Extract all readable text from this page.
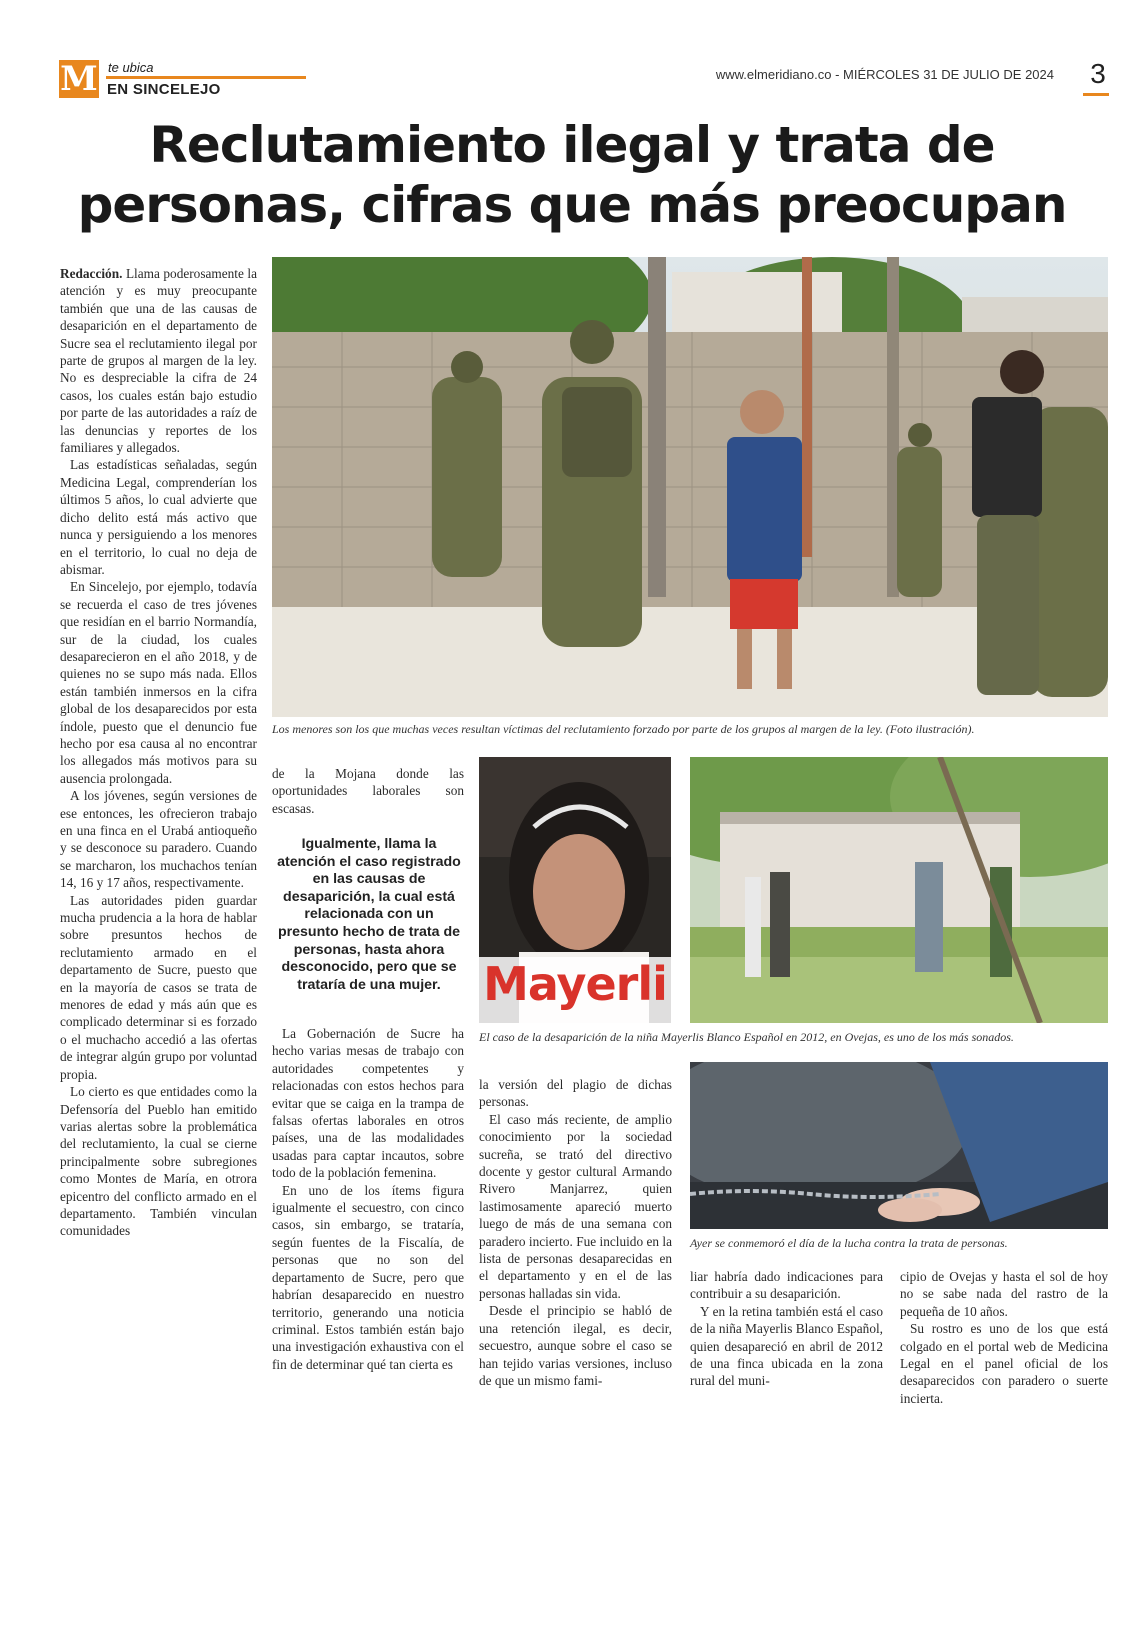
M te ubica
EN SINCELEJO
www.elmeridiano.co - MIÉRCOLES 31 DE JULIO DE 2024 3
Reclutamiento ilegal y trata de
personas, cifras que más preocupan
Los menores son los que muchas veces resultan víctimas del reclutamiento forzado por parte de los grupos al margen de la ley. (Foto ilustración).
Mayerli
El caso de la desaparición de la niña Mayerlis Blanco Español en 2012, en Ovejas, es uno de los más sonados.
Ayer se conmemoró el día de la lucha contra la trata de personas.

Redacción. Llama poderosamente la atención y es muy preocupante también que una de las causas de desaparición en el departamento de Sucre sea el reclutamiento ilegal por parte de grupos al margen de la ley. No es despreciable la cifra de 24 casos, los cuales están bajo estudio por parte de las autoridades a raíz de las denuncias y reportes de los familiares y allegados.

Las estadísticas señaladas, según Medicina Legal, comprenderían los últimos 5 años, lo cual advierte que dicho delito está más activo que nunca y persiguiendo a los menores en el territorio, lo cual no deja de abismar.

En Sincelejo, por ejemplo, todavía se recuerda el caso de tres jóvenes que residían en el barrio Normandía, sur de la ciudad, los cuales desaparecieron en el año 2018, y de quienes no se supo más nada. Ellos están también inmersos en la cifra global de los desaparecidos por esta índole, puesto que el denuncio fue hecho por esa causa al no encontrar los allegados más motivos para su ausencia prolongada.

A los jóvenes, según versiones de ese entonces, les ofrecieron trabajo en una finca en el Urabá antioqueño y se desconoce su paradero. Cuando se marcharon, los muchachos tenían 14, 16 y 17 años, respectivamente.

Las autoridades piden guardar mucha prudencia a la hora de hablar sobre presuntos hechos de reclutamiento armado en el departamento de Sucre, puesto que en la mayoría de casos se trata de menores de edad y más aún que es complicado determinar si es forzado o el muchacho accedió a las ofertas de integrar algún grupo por voluntad propia.

Lo cierto es que entidades como la Defensoría del Pueblo han emitido varias alertas sobre la problemática del reclutamiento, la cual se cierne principalmente sobre subregiones como Montes de María, en otrora epicentro del conflicto armado en el departamento. También vinculan comunidades

de la Mojana donde las oportunidades laborales son escasas.

Igualmente, llama la atención el caso registrado en las causas de desaparición, la cual está relacionada con un presunto hecho de trata de personas, hasta ahora desconocido, pero que se trataría de una mujer.

La Gobernación de Sucre ha hecho varias mesas de trabajo con autoridades competentes y relacionadas con estos hechos para evitar que se caiga en la trampa de falsas ofertas laborales en otros países, una de las modalidades usadas para captar incautos, sobre todo de la población femenina.

En uno de los ítems figura igualmente el secuestro, con cinco casos, sin embargo, se trataría, según fuentes de la Fiscalía, de personas que no son del departamento de Sucre, pero que habrían desaparecido en nuestro territorio, generando una noticia criminal. Estos también están bajo una investigación exhaustiva con el fin de determinar qué tan cierta es

la versión del plagio de dichas personas.

El caso más reciente, de amplio conocimiento por la sociedad sucreña, se trató del directivo docente y gestor cultural Armando Rivero Manjarrez, quien lastimosamente apareció muerto luego de más de una semana con paradero incierto. Fue incluido en la lista de personas desaparecidas en el departamento y en el de las personas halladas sin vida.

Desde el principio se habló de una retención ilegal, es decir, secuestro, aunque sobre el caso se han tejido varias versiones, incluso de que un mismo fami-

liar habría dado indicaciones para contribuir a su desaparición.

Y en la retina también está el caso de la niña Mayerlis Blanco Español, quien desapareció en abril de 2012 de una finca ubicada en la zona rural del muni-

cipio de Ovejas y hasta el sol de hoy no se sabe nada del rastro de la pequeña de 10 años.

Su rostro es uno de los que está colgado en el portal web de Medicina Legal en el panel oficial de los desaparecidos con paradero o suerte incierta.
